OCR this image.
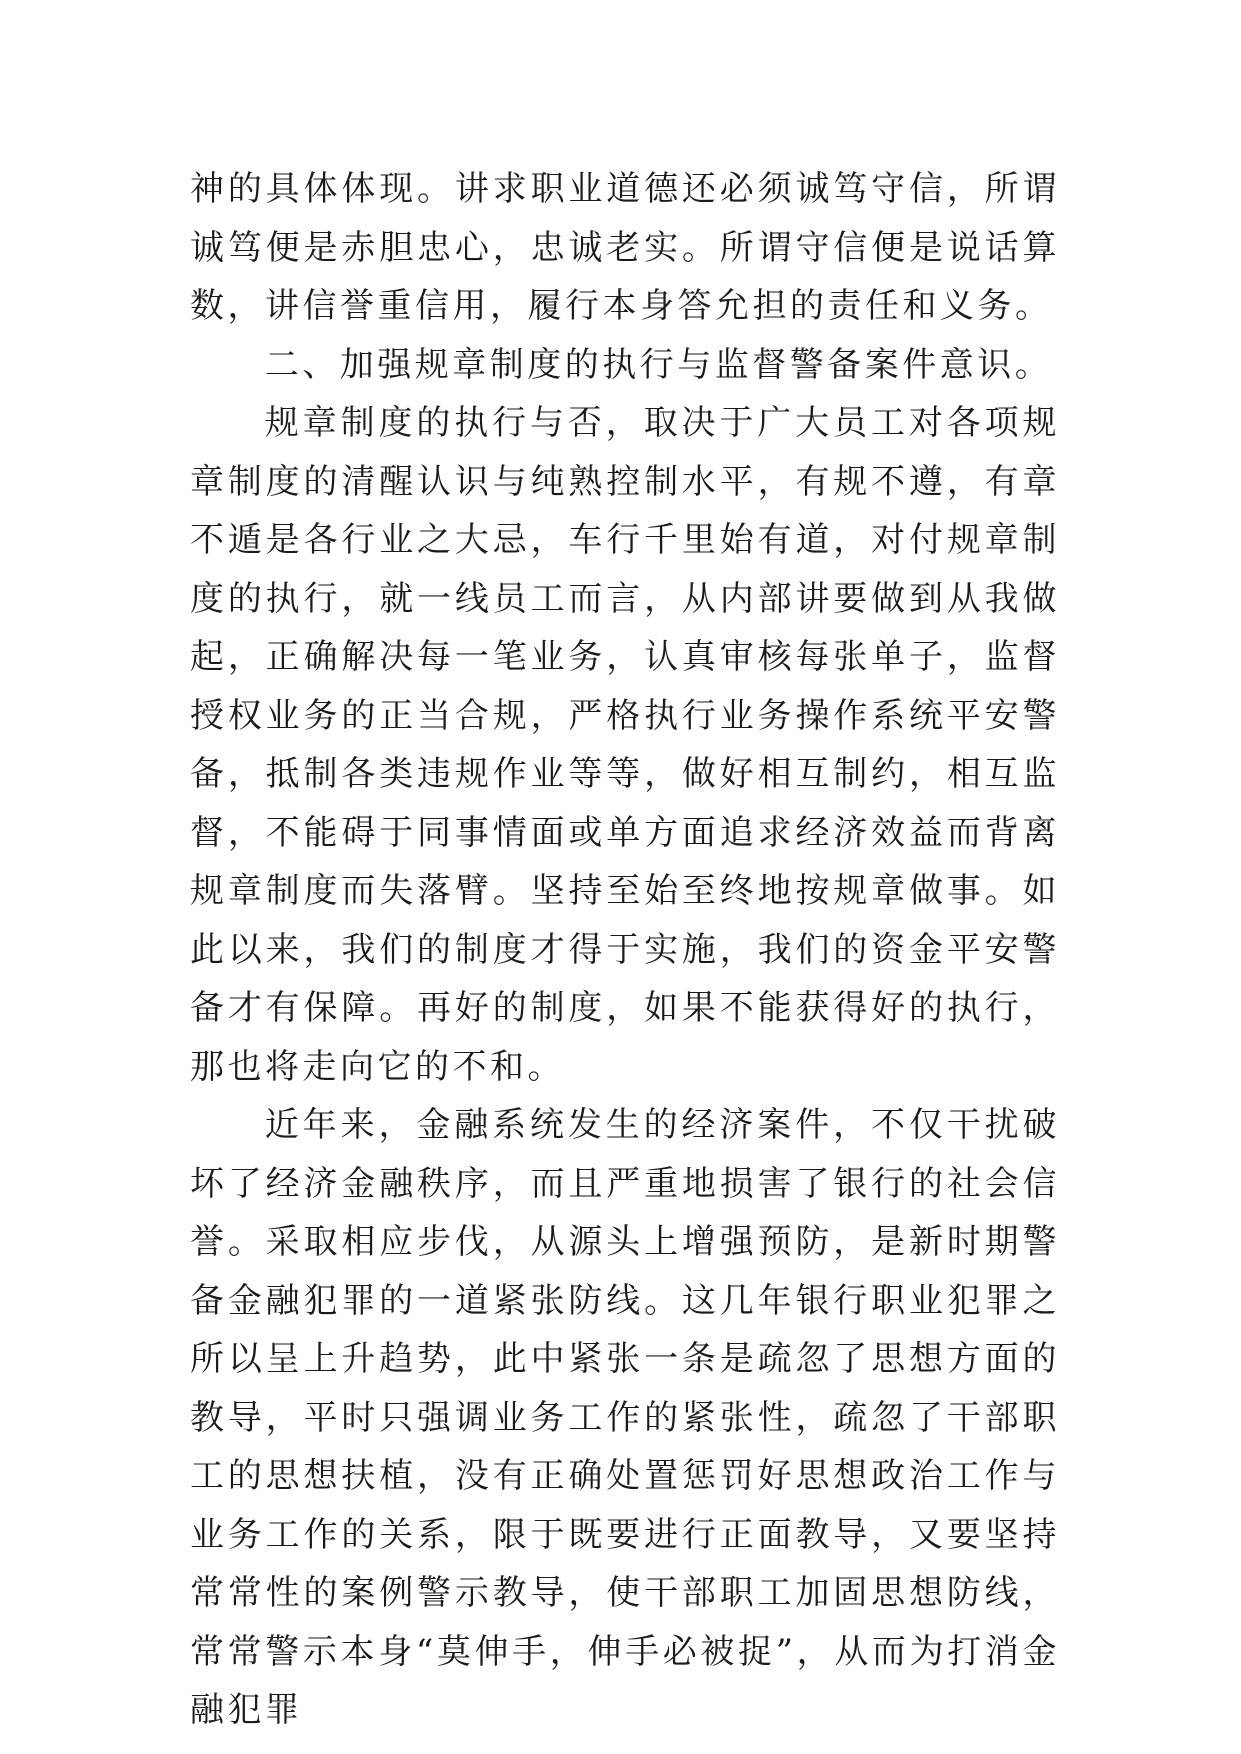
神的具体体现。讲求职业道德还必须诚笃守信，所谓诚笃便是赤胆忠心，忠诚老实。所谓守信便是说话算数，讲信誉重信用，履行本身答允担的责任和义务。

二、加强规章制度的执行与监督警备案件意识。

规章制度的执行与否，取决于广大员工对各项规章制度的清醒认识与纯熟控制水平，有规不遵，有章不遁是各行业之大忌，车行千里始有道，对付规章制度的执行，就一线员工而言，从内部讲要做到从我做起，正确解决每一笔业务，认真审核每张单子，监督授权业务的正当合规，严格执行业务操作系统平安警备，抵制各类违规作业等等，做好相互制约，相互监督，不能碍于同事情面或单方面追求经济效益而背离规章制度而失落臂。坚持至始至终地按规章做事。如此以来，我们的制度才得于实施，我们的资金平安警备才有保障。再好的制度，如果不能获得好的执行，那也将走向它的不和。

近年来，金融系统发生的经济案件，不仅干扰破坏了经济金融秩序，而且严重地损害了银行的社会信誉。采取相应步伐，从源头上增强预防，是新时期警备金融犯罪的一道紧张防线。这几年银行职业犯罪之所以呈上升趋势，此中紧张一条是疏忽了思想方面的教导，平时只强调业务工作的紧张性，疏忽了干部职工的思想扶植，没有正确处置惩罚好思想政治工作与业务工作的关系，限于既要进行正面教导，又要坚持常常性的案例警示教导，使干部职工加固思想防线，常常警示本身“莫伸手，伸手必被捉”，从而为打消金融犯罪
